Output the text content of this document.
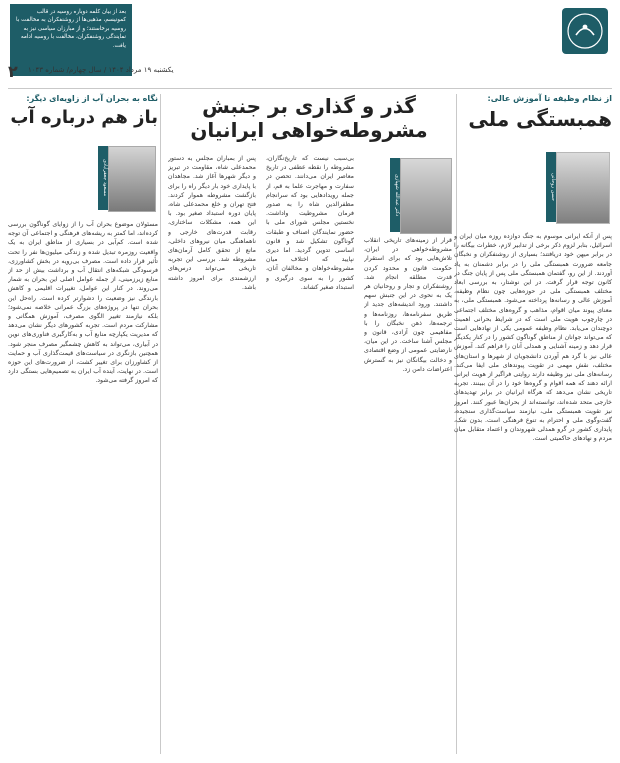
بعد از بیان کلمه دوباره روسیه در قالب کمونیسم، مذهبی‌ها از روشنفکران به مخالفت با روسیه برخاستند؛ و از مبارزان سیاسی نیز به نمایندگی روشنفکران، مخالفت با روسیه ادامه یافت.
۲ یکشنبه ۱۹ مرداد ۱۴۰۴ / سال چهارم/ شماره ۱۰۴۳
از نظام وظیفه تا آموزش عالی:
همبستگی ملی
حسن روحانی
پس از آنکه ایرانی موسوم به جنگ دوازده روزه میان ایران و اسرائیل، بنابر لزوم ذکر برخی از تدابیر لازم، خطرات بیگانه را در برابر میهن خود دریافتند؛ بسیاری از روشنفکران و نخبگان جامعه ضرورت همبستگی ملی را در برابر دشمنان به یاد آوردند. از این رو، گفتمان همبستگی ملی پس از پایان جنگ در کانون توجه قرار گرفت. در این نوشتار، به بررسی ابعاد مختلف همبستگی ملی در حوزه‌هایی چون نظام وظیفه، آموزش عالی و رسانه‌ها پرداخته می‌شود. همبستگی ملی، به معنای پیوند میان اقوام، مذاهب و گروه‌های مختلف اجتماعی در چارچوب هویت ملی است که در شرایط بحرانی اهمیت دوچندان می‌یابد. نظام وظیفه عمومی یکی از نهادهایی است که می‌تواند جوانان از مناطق گوناگون کشور را در کنار یکدیگر قرار دهد و زمینه آشنایی و همدلی آنان را فراهم کند. آموزش عالی نیز با گرد هم آوردن دانشجویان از شهرها و استان‌های مختلف، نقش مهمی در تقویت پیوندهای ملی ایفا می‌کند. رسانه‌های ملی نیز وظیفه دارند روایتی فراگیر از هویت ایرانی ارائه دهند که همه اقوام و گروه‌ها خود را در آن ببینند. تجربه تاریخی نشان می‌دهد که هرگاه ایرانیان در برابر تهدیدهای خارجی متحد شده‌اند، توانسته‌اند از بحران‌ها عبور کنند. امروز نیز تقویت همبستگی ملی، نیازمند سیاست‌گذاری سنجیده، گفت‌وگوی ملی و احترام به تنوع فرهنگی است. بدون شک، پایداری کشور در گرو همدلی شهروندان و اعتماد متقابل میان مردم و نهادهای حاکمیتی است.
گذر و گذاری بر جنبش
مشروطه‌خواهی ایرانیان
دکتر عبدالله شهبازی
قرار از زمینه‌های تاریخی انقلاب مشروطه‌خواهی در ایران، تلاش‌هایی بود که برای استقرار حکومت قانون و محدود کردن قدرت مطلقه انجام شد. روشنفکران و تجار و روحانیان هر یک به نحوی در این جنبش سهم داشتند. ورود اندیشه‌های جدید از طریق سفرنامه‌ها، روزنامه‌ها و ترجمه‌ها، ذهن نخبگان را با مفاهیمی چون آزادی، قانون و مجلس آشنا ساخت. در این میان، نارضایتی عمومی از وضع اقتصادی و دخالت بیگانگان نیز به گسترش اعتراضات دامن زد.
بی‌سبب نیست که تاریخ‌نگاران، مشروطه را نقطه عطفی در تاریخ معاصر ایران می‌دانند. تحصن در سفارت و مهاجرت علما به قم، از جمله رویدادهایی بود که سرانجام مظفرالدین شاه را به صدور فرمان مشروطیت واداشت. نخستین مجلس شورای ملی با حضور نمایندگان اصناف و طبقات گوناگون تشکیل شد و قانون اساسی تدوین گردید. اما دیری نپایید که اختلاف میان مشروطه‌خواهان و مخالفان آنان، کشور را به سوی درگیری و استبداد صغیر کشاند.
پس از بمباران مجلس به دستور محمدعلی شاه، مقاومت در تبریز و دیگر شهرها آغاز شد. مجاهدان با پایداری خود بار دیگر راه را برای بازگشت مشروطه هموار کردند. فتح تهران و خلع محمدعلی شاه، پایان دوره استبداد صغیر بود. با این همه، مشکلات ساختاری، رقابت قدرت‌های خارجی و ناهماهنگی میان نیروهای داخلی، مانع از تحقق کامل آرمان‌های مشروطه شد. بررسی این تجربه تاریخی می‌تواند درس‌های ارزشمندی برای امروز داشته باشد.
نگاه به بحران آب از زاویه‌ای دیگر:
باز هم درباره آب
مسعود جعفرآبادی
مسئولان موضوع بحران آب را از زوایای گوناگون بررسی کرده‌اند، اما کمتر به ریشه‌های فرهنگی و اجتماعی آن توجه شده است. کم‌آبی در بسیاری از مناطق ایران به یک واقعیت روزمره تبدیل شده و زندگی میلیون‌ها نفر را تحت تأثیر قرار داده است. مصرف بی‌رویه در بخش کشاورزی، فرسودگی شبکه‌های انتقال آب و برداشت بیش از حد از منابع زیرزمینی، از جمله عوامل اصلی این بحران به شمار می‌روند. در کنار این عوامل، تغییرات اقلیمی و کاهش بارندگی نیز وضعیت را دشوارتر کرده است. راه‌حل این بحران تنها در پروژه‌های بزرگ عمرانی خلاصه نمی‌شود؛ بلکه نیازمند تغییر الگوی مصرف، آموزش همگانی و مشارکت مردم است. تجربه کشورهای دیگر نشان می‌دهد که مدیریت یکپارچه منابع آب و به‌کارگیری فناوری‌های نوین در آبیاری، می‌تواند به کاهش چشمگیر مصرف منجر شود. همچنین بازنگری در سیاست‌های قیمت‌گذاری آب و حمایت از کشاورزان برای تغییر کشت، از ضرورت‌های این حوزه است. در نهایت، آینده آب ایران به تصمیم‌هایی بستگی دارد که امروز گرفته می‌شود.
